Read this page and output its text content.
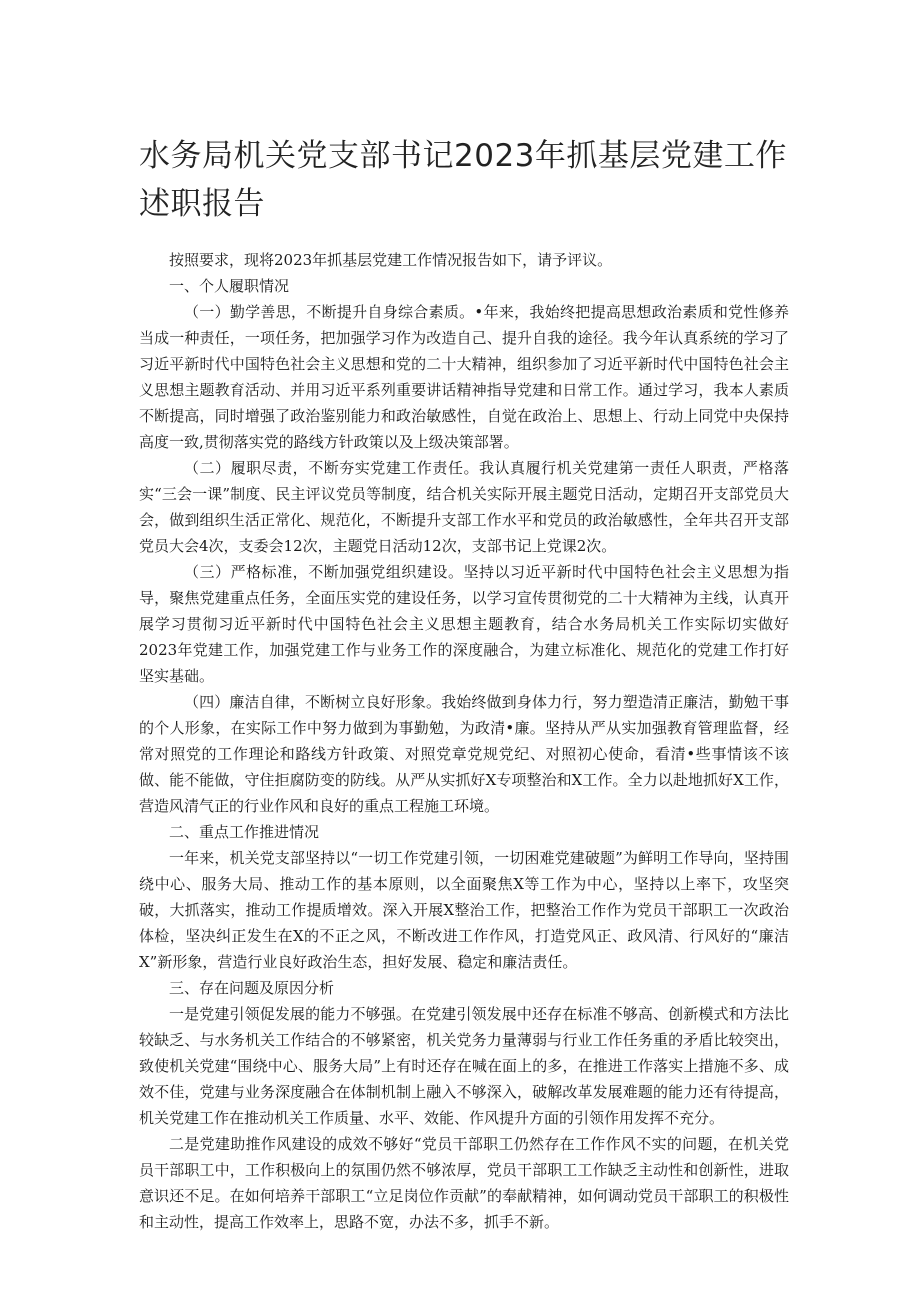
水务局机关党支部书记2023年抓基层党建工作述职报告

按照要求，现将2023年抓基层党建工作情况报告如下，请予评议。

一、个人履职情况

（一）勤学善思，不断提升自身综合素质。•年来，我始终把提高思想政治素质和党性修养当成一种责任，一项任务，把加强学习作为改造自己、提升自我的途径。我今年认真系统的学习了习近平新时代中国特色社会主义思想和党的二十大精神，组织参加了习近平新时代中国特色社会主义思想主题教育活动、并用习近平系列重要讲话精神指导党建和日常工作。通过学习，我本人素质不断提高，同时增强了政治鉴别能力和政治敏感性，自觉在政治上、思想上、行动上同党中央保持高度一致,贯彻落实党的路线方针政策以及上级决策部署。

（二）履职尽责，不断夯实党建工作责任。我认真履行机关党建第一责任人职责，严格落实“三会一课”制度、民主评议党员等制度，结合机关实际开展主题党日活动，定期召开支部党员大会，做到组织生活正常化、规范化，不断提升支部工作水平和党员的政治敏感性，全年共召开支部党员大会4次，支委会12次，主题党日活动12次，支部书记上党课2次。

（三）严格标准，不断加强党组织建设。坚持以习近平新时代中国特色社会主义思想为指导，聚焦党建重点任务，全面压实党的建设任务，以学习宣传贯彻党的二十大精神为主线，认真开展学习贯彻习近平新时代中国特色社会主义思想主题教育，结合水务局机关工作实际切实做好2023年党建工作，加强党建工作与业务工作的深度融合，为建立标准化、规范化的党建工作打好坚实基础。

（四）廉洁自律，不断树立良好形象。我始终做到身体力行，努力塑造清正廉洁，勤勉干事的个人形象，在实际工作中努力做到为事勤勉，为政清•廉。坚持从严从实加强教育管理监督，经常对照党的工作理论和路线方针政策、对照党章党规党纪、对照初心使命，看清•些事情该不该做、能不能做，守住拒腐防变的防线。从严从实抓好X专项整治和X工作。全力以赴地抓好X工作，营造风清气正的行业作风和良好的重点工程施工环境。

二、重点工作推进情况

一年来，机关党支部坚持以“一切工作党建引领，一切困难党建破题”为鲜明工作导向，坚持围绕中心、服务大局、推动工作的基本原则，以全面聚焦X等工作为中心，坚持以上率下，攻坚突破，大抓落实，推动工作提质增效。深入开展X整治工作，把整治工作作为党员干部职工一次政治体检，坚决纠正发生在X的不正之风，不断改进工作作风，打造党风正、政风清、行风好的“廉洁X”新形象，营造行业良好政治生态，担好发展、稳定和廉洁责任。

三、存在问题及原因分析

一是党建引领促发展的能力不够强。在党建引领发展中还存在标准不够高、创新模式和方法比较缺乏、与水务机关工作结合的不够紧密，机关党务力量薄弱与行业工作任务重的矛盾比较突出，致使机关党建“围绕中心、服务大局”上有时还存在喊在面上的多，在推进工作落实上措施不多、成效不佳，党建与业务深度融合在体制机制上融入不够深入，破解改革发展难题的能力还有待提高，机关党建工作在推动机关工作质量、水平、效能、作风提升方面的引领作用发挥不充分。

二是党建助推作风建设的成效不够好“党员干部职工仍然存在工作作风不实的问题，在机关党员干部职工中，工作积极向上的氛围仍然不够浓厚，党员干部职工工作缺乏主动性和创新性，进取意识还不足。在如何培养干部职工“立足岗位作贡献”的奉献精神，如何调动党员干部职工的积极性和主动性，提高工作效率上，思路不宽，办法不多，抓手不新。
